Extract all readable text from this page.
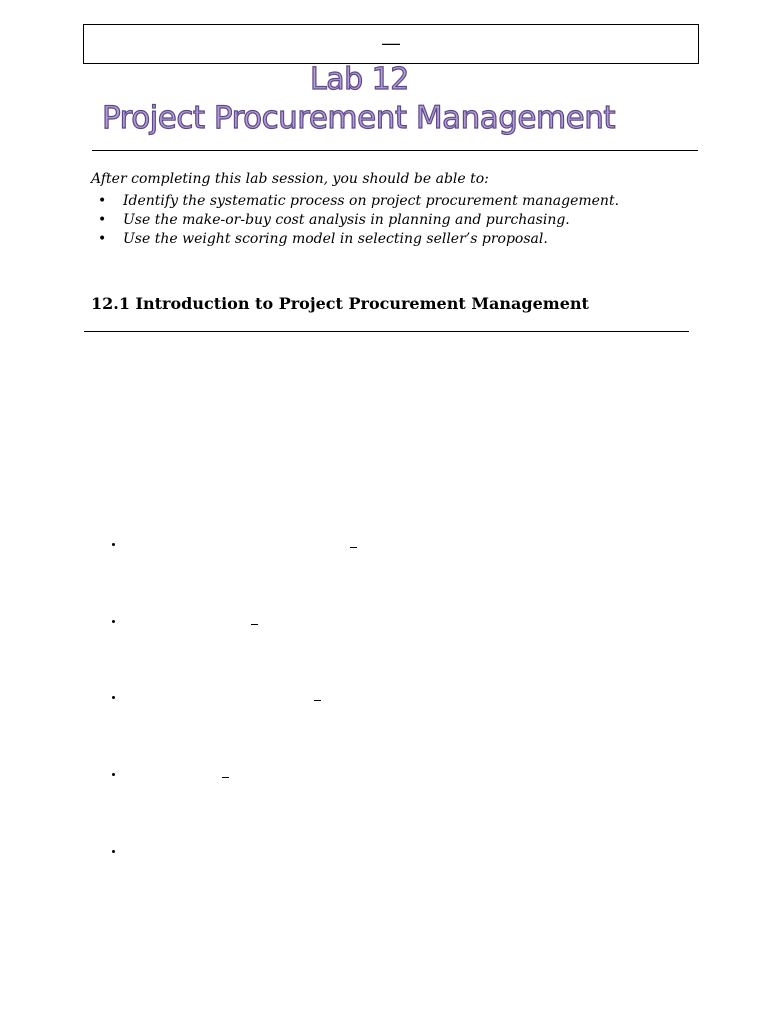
—
Lab 12
Project Procurement Management
After completing this lab session, you should be able to:
• Identify the systematic process on project procurement management.
• Use the make-or-buy cost analysis in planning and purchasing.
• Use the weight scoring model in selecting seller’s proposal.
12.1 Introduction to Project Procurement Management
